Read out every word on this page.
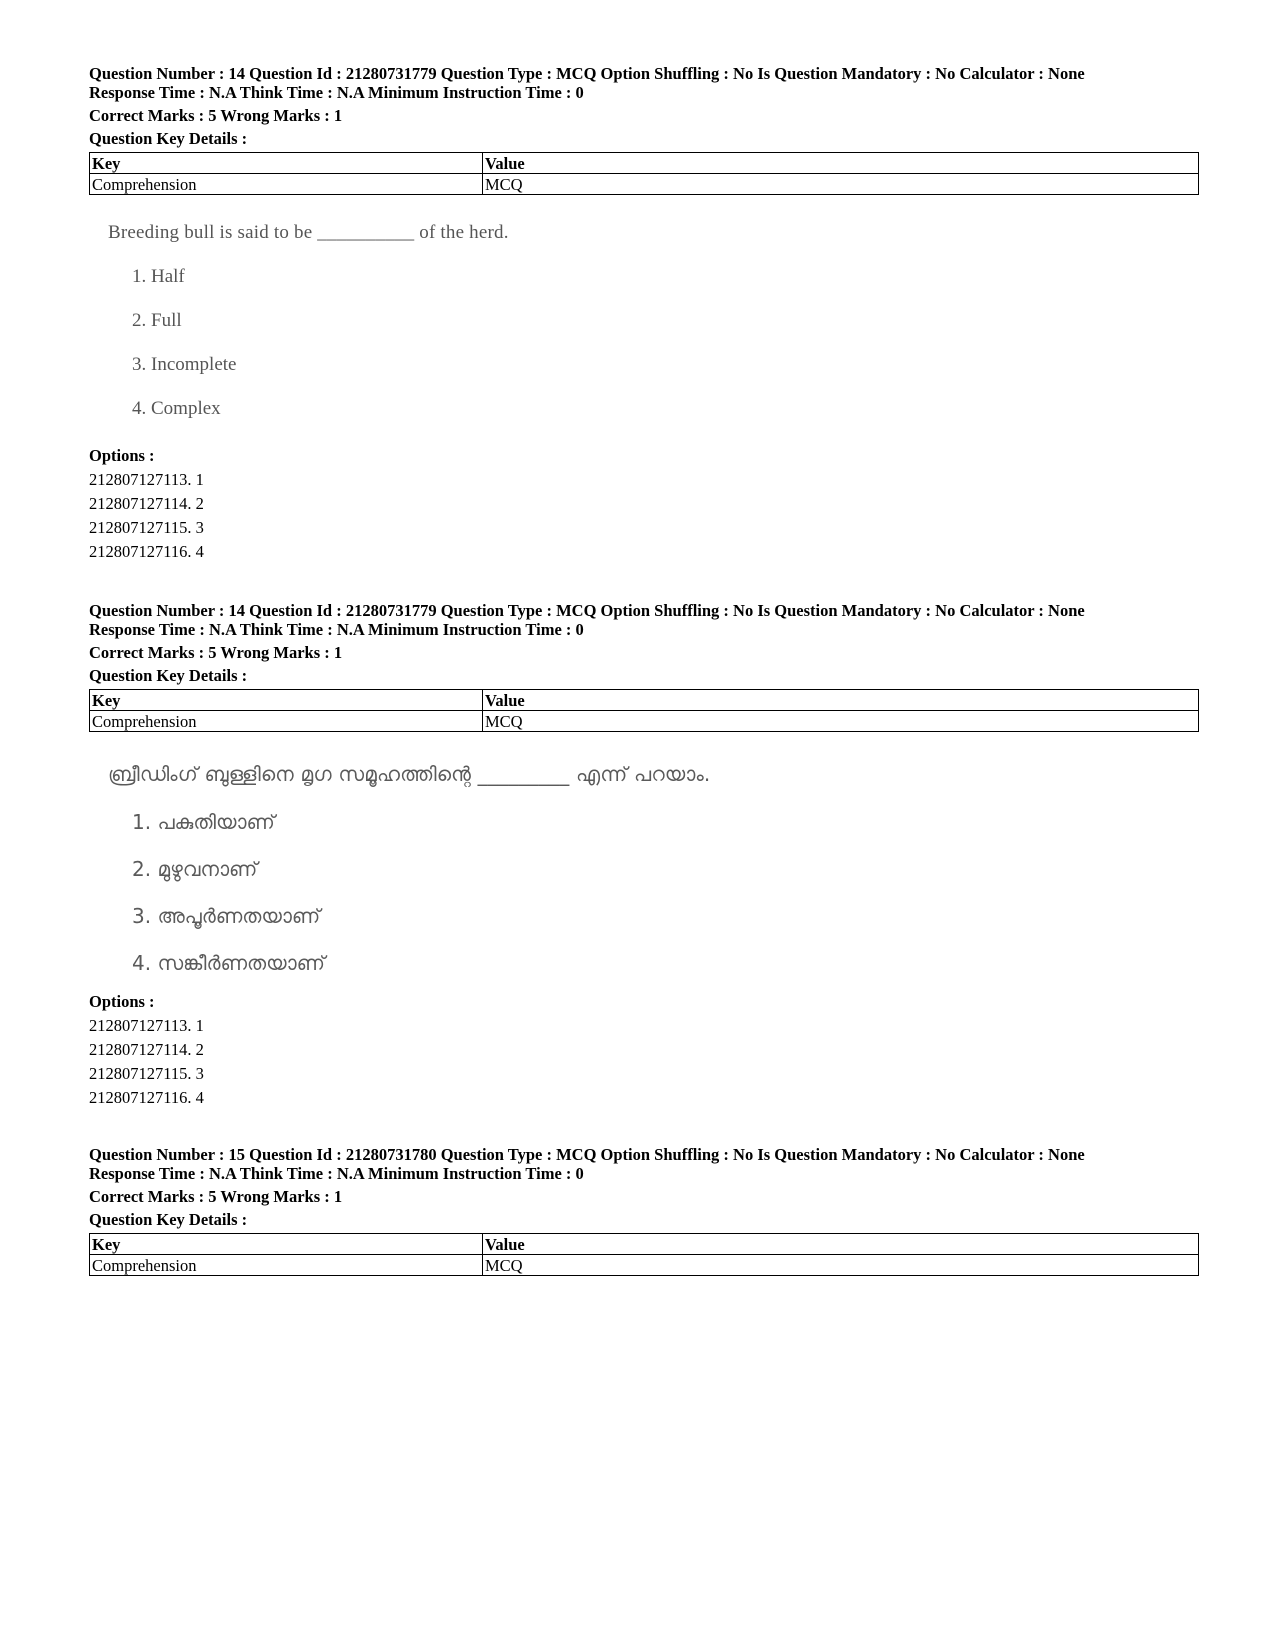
Question Number : 14 Question Id : 21280731779 Question Type : MCQ Option Shuffling : No Is Question Mandatory : No Calculator : None
Response Time : N.A Think Time : N.A Minimum Instruction Time : 0
Correct Marks : 5 Wrong Marks : 1
Question Key Details :
Key	Value
Comprehension	MCQ
Breeding bull is said to be __________ of the herd.
1. Half
2. Full
3. Incomplete
4. Complex
Options :
212807127113. 1
212807127114. 2
212807127115. 3
212807127116. 4
Question Number : 14 Question Id : 21280731779 Question Type : MCQ Option Shuffling : No Is Question Mandatory : No Calculator : None
Response Time : N.A Think Time : N.A Minimum Instruction Time : 0
Correct Marks : 5 Wrong Marks : 1
Question Key Details :
Key	Value
Comprehension	MCQ
ബ്രീഡിംഗ് ബുള്ളിനെ മൃഗ സമൂഹത്തിന്റെ _________ എന്ന് പറയാം.
1. പകുതിയാണ്
2. മുഴുവനാണ്
3. അപൂർണതയാണ്
4. സങ്കീർണതയാണ്
Options :
212807127113. 1
212807127114. 2
212807127115. 3
212807127116. 4
Question Number : 15 Question Id : 21280731780 Question Type : MCQ Option Shuffling : No Is Question Mandatory : No Calculator : None
Response Time : N.A Think Time : N.A Minimum Instruction Time : 0
Correct Marks : 5 Wrong Marks : 1
Question Key Details :
Key	Value
Comprehension	MCQ
